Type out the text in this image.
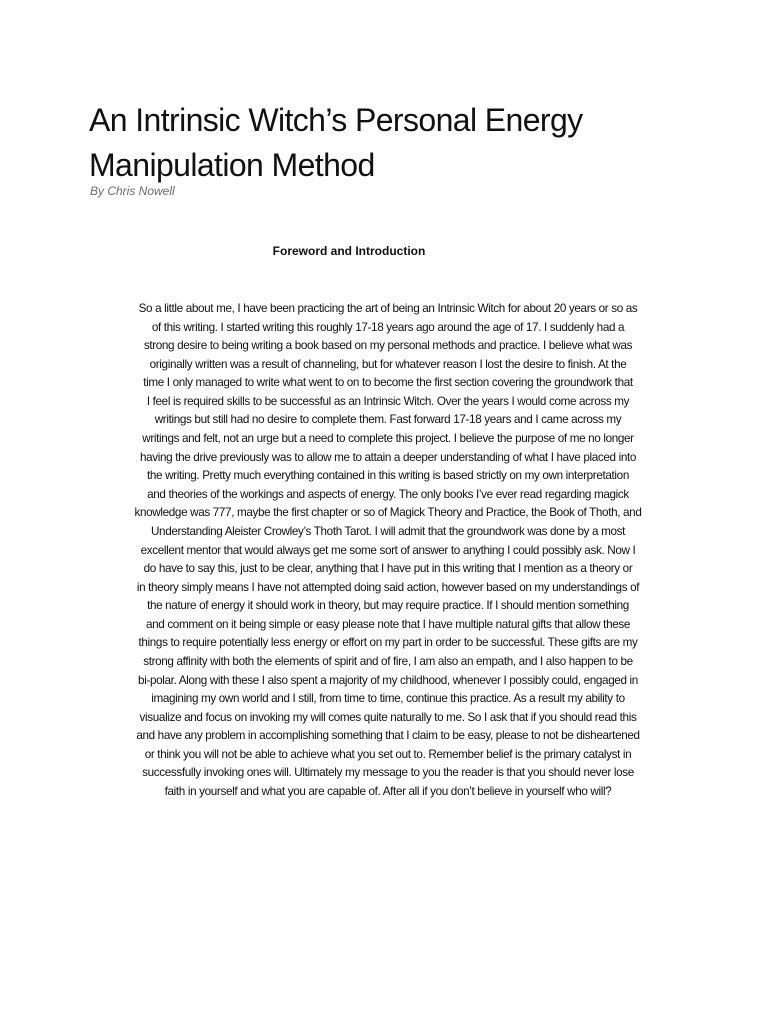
An Intrinsic Witch’s Personal Energy
Manipulation Method

By Chris Nowell

Foreword and Introduction
So a little about me, I have been practicing the art of being an Intrinsic Witch for about 20 years or so as
of this writing. I started writing this roughly 17-18 years ago around the age of 17. I suddenly had a
strong desire to being writing a book based on my personal methods and practice. I believe what was
originally written was a result of channeling, but for whatever reason I lost the desire to finish. At the
time I only managed to write what went to on to become the first section covering the groundwork that
I feel is required skills to be successful as an Intrinsic Witch. Over the years I would come across my
writings but still had no desire to complete them. Fast forward 17-18 years and I came across my
writings and felt, not an urge but a need to complete this project. I believe the purpose of me no longer
having the drive previously was to allow me to attain a deeper understanding of what I have placed into
the writing. Pretty much everything contained in this writing is based strictly on my own interpretation
and theories of the workings and aspects of energy. The only books I’ve ever read regarding magick
knowledge was 777, maybe the first chapter or so of Magick Theory and Practice, the Book of Thoth, and
Understanding Aleister Crowley’s Thoth Tarot. I will admit that the groundwork was done by a most
excellent mentor that would always get me some sort of answer to anything I could possibly ask. Now I
do have to say this, just to be clear, anything that I have put in this writing that I mention as a theory or
in theory simply means I have not attempted doing said action, however based on my understandings of
the nature of energy it should work in theory, but may require practice. If I should mention something
and comment on it being simple or easy please note that I have multiple natural gifts that allow these
things to require potentially less energy or effort on my part in order to be successful. These gifts are my
strong affinity with both the elements of spirit and of fire, I am also an empath, and I also happen to be
bi-polar. Along with these I also spent a majority of my childhood, whenever I possibly could, engaged in
imagining my own world and I still, from time to time, continue this practice. As a result my ability to
visualize and focus on invoking my will comes quite naturally to me. So I ask that if you should read this
and have any problem in accomplishing something that I claim to be easy, please to not be disheartened
or think you will not be able to achieve what you set out to. Remember belief is the primary catalyst in
successfully invoking ones will. Ultimately my message to you the reader is that you should never lose
faith in yourself and what you are capable of. After all if you don’t believe in yourself who will?
